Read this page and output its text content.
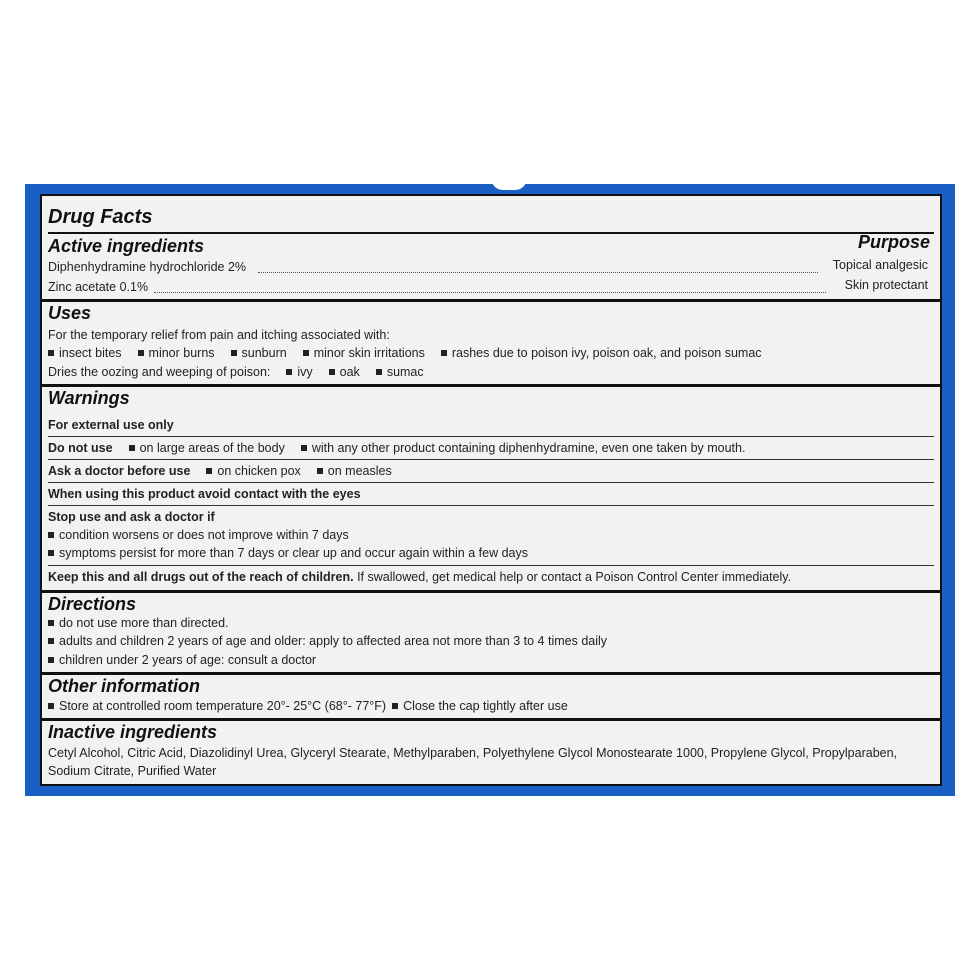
Drug Facts
Active ingredients	Purpose
Diphenhydramine hydrochloride 2%	Topical analgesic
Zinc acetate 0.1%	Skin protectant
Uses
For the temporary relief from pain and itching associated with:
insect bites	minor burns	sunburn	minor skin irritations	rashes due to poison ivy, poison oak, and poison sumac
Dries the oozing and weeping of poison:	ivy	oak	sumac
Warnings
For external use only
Do not use	on large areas of the body	with any other product containing diphenhydramine, even one taken by mouth.
Ask a doctor before use	on chicken pox	on measles
When using this product avoid contact with the eyes
Stop use and ask a doctor if
condition worsens or does not improve within 7 days
symptoms persist for more than 7 days or clear up and occur again within a few days
Keep this and all drugs out of the reach of children. If swallowed, get medical help or contact a Poison Control Center immediately.
Directions
do not use more than directed.
adults and children 2 years of age and older: apply to affected area not more than 3 to 4 times daily
children under 2 years of age: consult a doctor
Other information
Store at controlled room temperature 20°- 25°C (68°- 77°F)	Close the cap tightly after use
Inactive ingredients
Cetyl Alcohol, Citric Acid, Diazolidinyl Urea, Glyceryl Stearate, Methylparaben, Polyethylene Glycol Monostearate 1000, Propylene Glycol, Propylparaben,
Sodium Citrate, Purified Water
